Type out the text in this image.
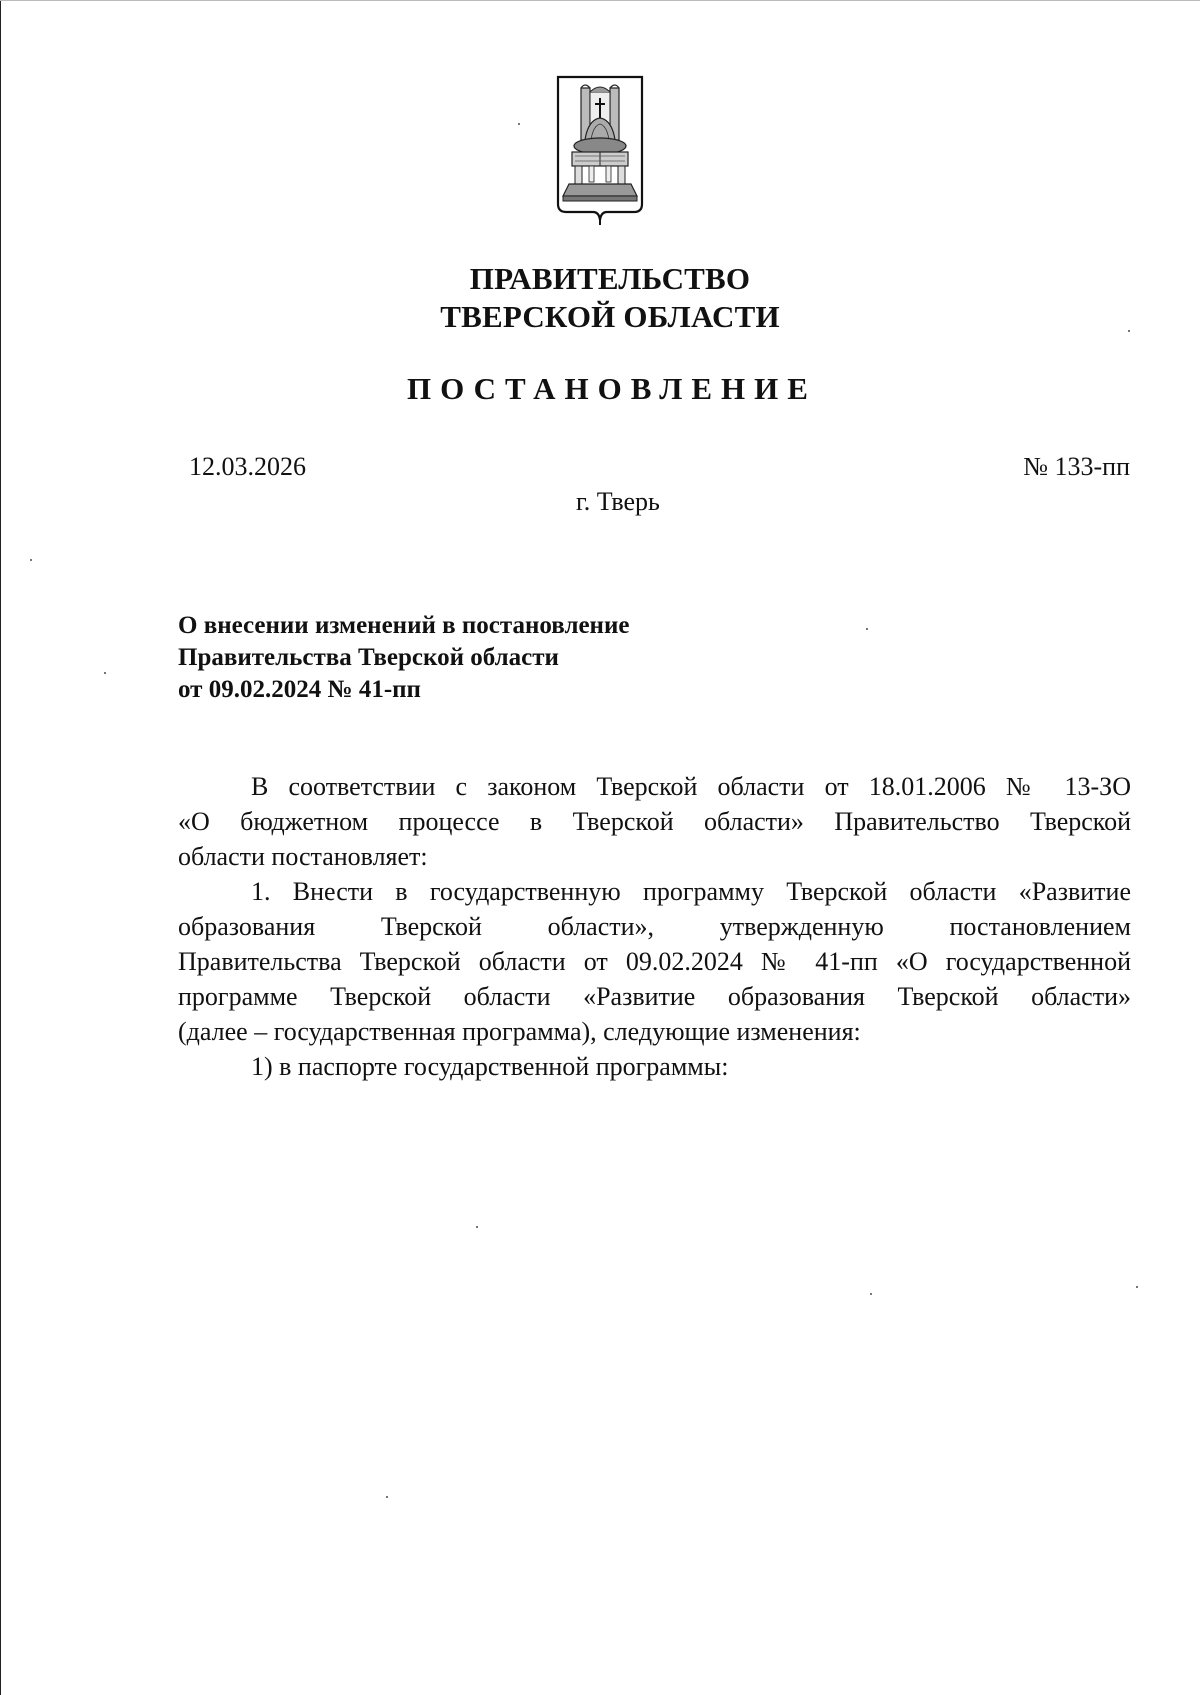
ПРАВИТЕЛЬСТВО
ТВЕРСКОЙ ОБЛАСТИ
ПОСТАНОВЛЕНИЕ
12.03.2026	№ 133-пп
г. Тверь
О внесении изменений в постановление
Правительства Тверской области
от 09.02.2024 № 41-пп
В соответствии с законом Тверской области от 18.01.2006 № 13-ЗО
«О бюджетном процессе в Тверской области» Правительство Тверской
области постановляет:
1. Внести в государственную программу Тверской области «Развитие
образования Тверской области», утвержденную постановлением
Правительства Тверской области от 09.02.2024 № 41-пп «О государственной
программе Тверской области «Развитие образования Тверской области»
(далее – государственная программа), следующие изменения:
1) в паспорте государственной программы:
